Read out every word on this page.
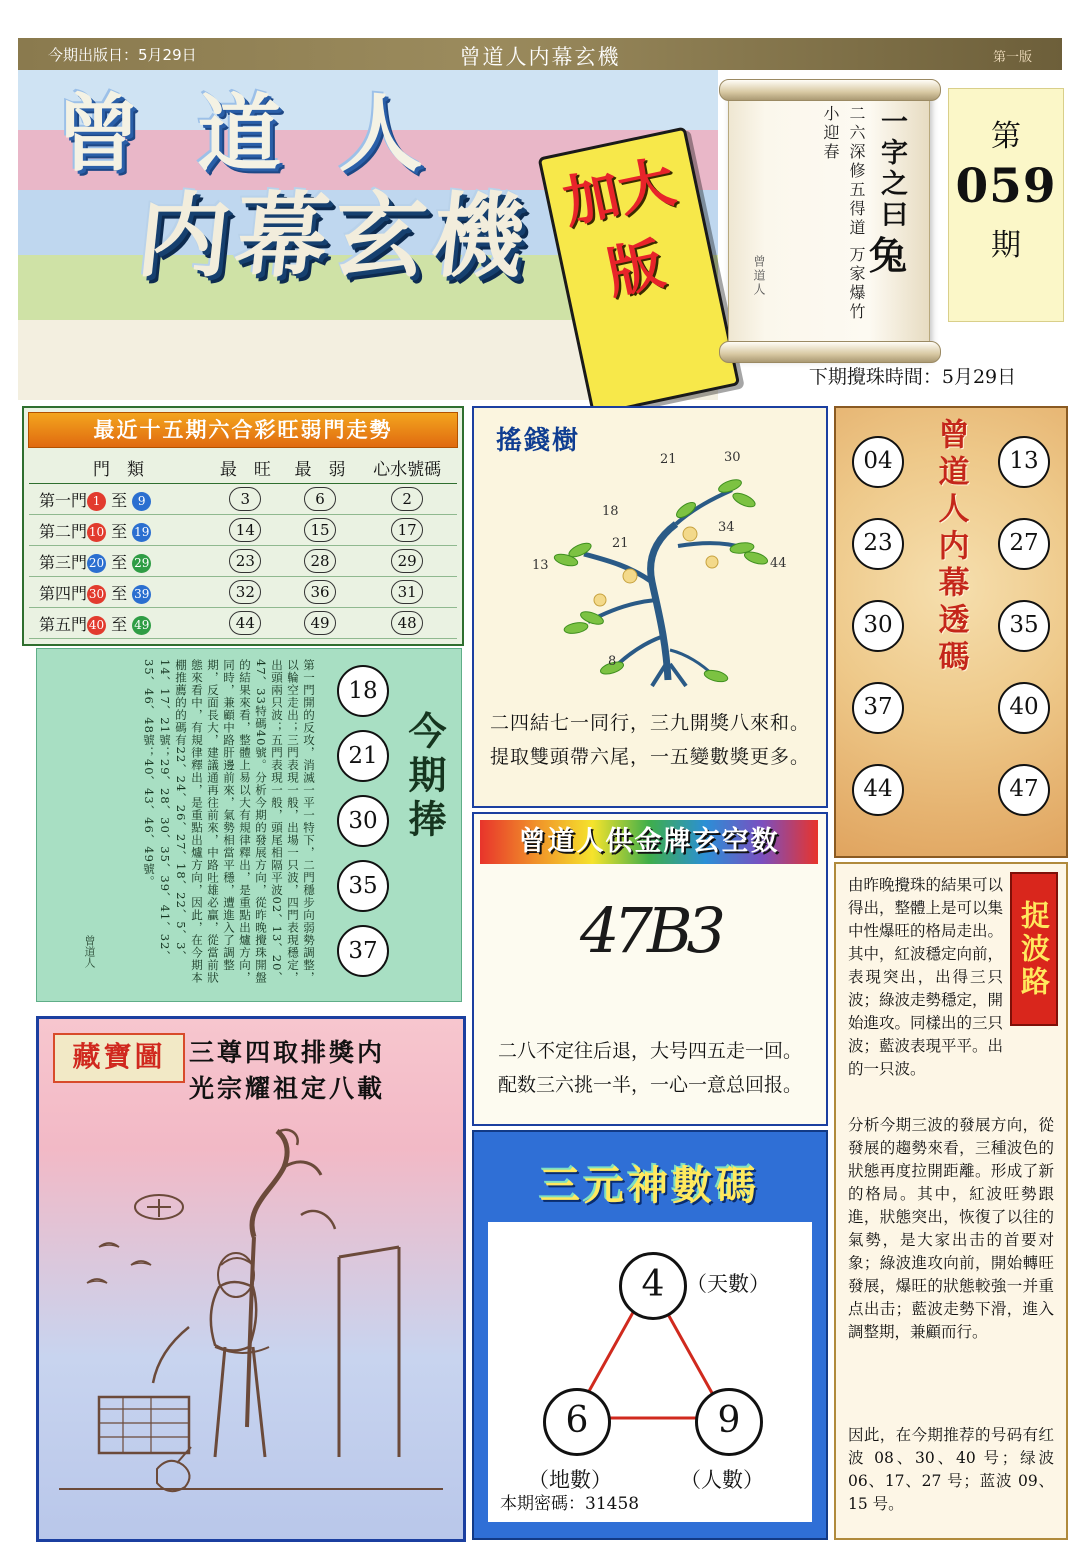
今期出版日：5月29日	曾道人内幕玄機	第一版
曾 道 人
内幕玄機 加大版
一字之曰
兔
二六深修五得道 万家爆竹小迎春
曾道人
第
059
期
下期攪珠時間：5月29日
最近十五期六合彩旺弱門走勢
門　類	最　旺	最　弱	心水號碼
第一門 1 至 9	3	6	2
第二門 10 至 19	14	15	17
第三門 20 至 29	23	28	29
第四門 30 至 39	32	36	31
第五門 40 至 49	44	49	48
第一門開的反攻，消滅一平一特下，二門穩步向弱勢調整，以輪空走出；三門表現一般，出場一只波，四門表現穩定，出頭兩只波；五門表現一般，頭尾相隔平波02、13、20、47、33特碼40號。分析今期的發展方向，從昨晚攪珠開盤的結果來看，整體上易以大有規律釋出，是重點出爐方向，同時，兼顧中路肝邊前來，氣勢相當平穩，遭進入了調整期，反面長大，建議通再往前來，中路吐雄必贏，從當前狀態來看中，有規律釋出，是重點出爐方向，因此，在今期本棚推薦的的碼有22、24、26、27、18、22、5、3、14、17、21號；29、28、30、35、39、41、32、35、46、48號；40、43、46、49號。
曾道人
18
21
30
35
37
今期捧
藏寶圖 三尊四取排獎内
光宗耀祖定八載
搖錢樹
21	30
18
34
13
21
44
8
二四結七一同行，三九開獎八來和。
提取雙頭帶六尾，一五變數獎更多。
曾道人供金牌玄空数
47B3
二八不定往后退，大号四五走一回。
配数三六挑一半，一心一意总回报。
三元神數碼
4	（天數）
6
（地數）
9
（人數）
本期密碼：31458
曾道人内幕透碼
04
23
30
37
44
13
27
35
40
47
捉波路

由昨晚攪珠的結果可以得出，整體上是可以集中性爆旺的格局走出。其中，紅波穩定向前，表現突出，出得三只波；綠波走勢穩定，開始進攻。同樣出的三只波；藍波表現平平。出的一只波。

分析今期三波的發展方向，從發展的趨勢來看，三種波色的狀態再度拉開距離。形成了新的格局。其中，紅波旺勢跟進，狀態突出，恢復了以往的氣勢，是大家出击的首要对象；綠波進攻向前，開始轉旺發展，爆旺的狀態較強一并重点出击；藍波走勢下滑，進入調整期，兼顧而行。

因此，在今期推荐的号码有红波 08、30、40 号；绿波 06、17、27 号；蓝波 09、15 号。
